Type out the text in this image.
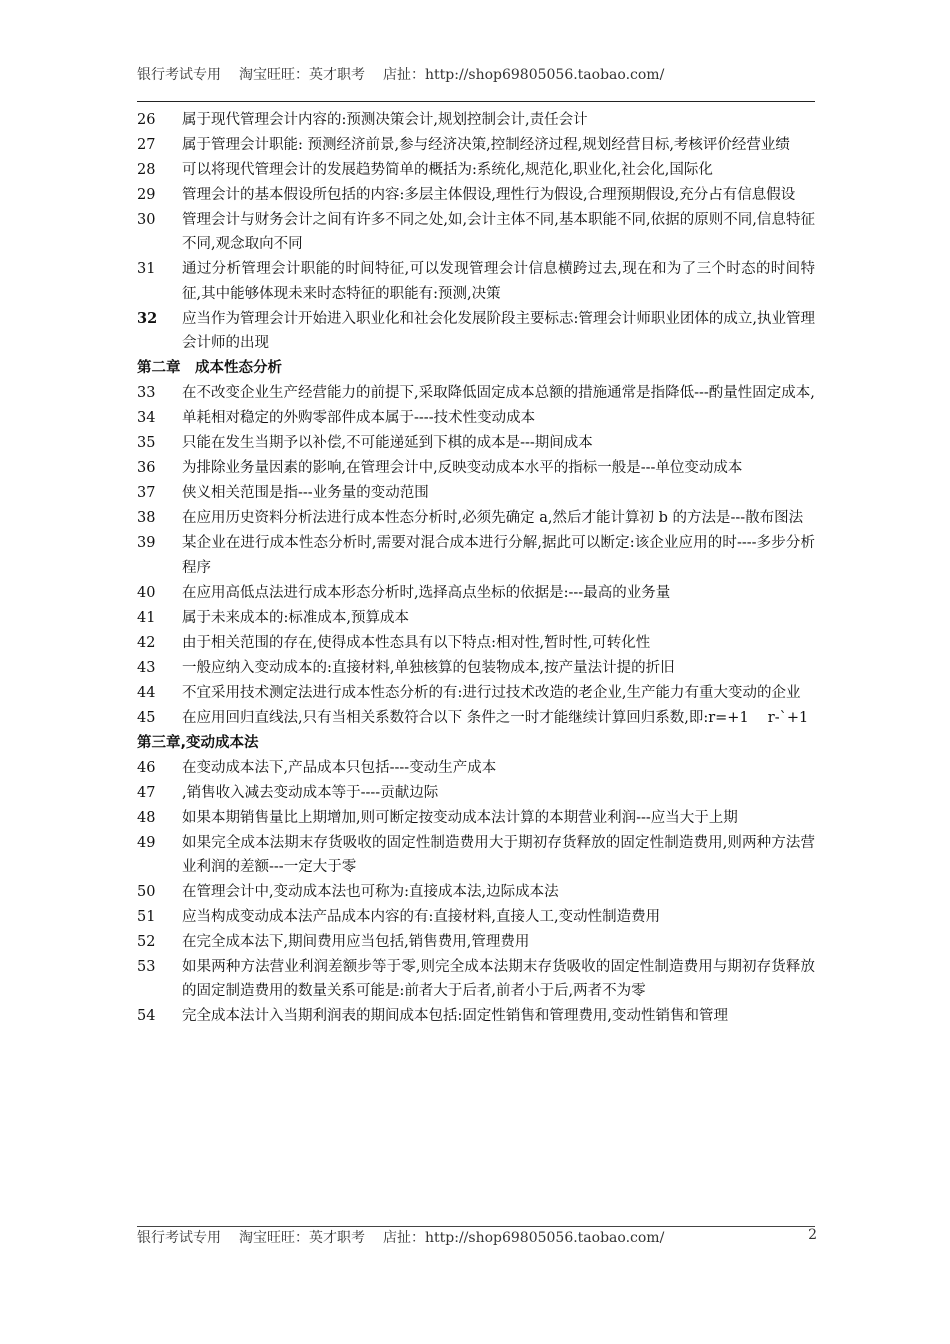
银行考试专用 淘宝旺旺：英才职考 店扯：http://shop69805056.taobao.com/
26	属于现代管理会计内容的:预测决策会计,规划控制会计,责任会计
27	属于管理会计职能: 预测经济前景,参与经济决策,控制经济过程,规划经营目标,考核评价经营业绩
28	可以将现代管理会计的发展趋势简单的概括为:系统化,规范化,职业化,社会化,国际化
29	管理会计的基本假设所包括的内容:多层主体假设,理性行为假设,合理预期假设,充分占有信息假设
30	管理会计与财务会计之间有许多不同之处,如,会计主体不同,基本职能不同,依据的原则不同,信息特征不同,观念取向不同
31	通过分析管理会计职能的时间特征,可以发现管理会计信息横跨过去,现在和为了三个时态的时间特征,其中能够体现未来时态特征的职能有:预测,决策
32	应当作为管理会计开始进入职业化和社会化发展阶段主要标志:管理会计师职业团体的成立,执业管理会计师的出现
第二章　成本性态分析
33	在不改变企业生产经营能力的前提下,采取降低固定成本总额的措施通常是指降低---酌量性固定成本,
34	单耗相对稳定的外购零部件成本属于----技术性变动成本
35	只能在发生当期予以补偿,不可能递延到下棋的成本是---期间成本
36	为排除业务量因素的影响,在管理会计中,反映变动成本水平的指标一般是---单位变动成本
37	侠义相关范围是指---业务量的变动范围
38	在应用历史资料分析法进行成本性态分析时,必须先确定 a,然后才能计算初 b 的方法是---散布图法
39	某企业在进行成本性态分析时,需要对混合成本进行分解,据此可以断定:该企业应用的时----多步分析程序
40	在应用高低点法进行成本形态分析时,选择高点坐标的依据是:---最高的业务量
41	属于未来成本的:标准成本,预算成本
42	由于相关范围的存在,使得成本性态具有以下特点:相对性,暂时性,可转化性
43	一般应纳入变动成本的:直接材料,单独核算的包装物成本,按产量法计提的折旧
44	不宜采用技术测定法进行成本性态分析的有:进行过技术改造的老企业,生产能力有重大变动的企业
45	在应用回归直线法,只有当相关系数符合以下 条件之一时才能继续计算回归系数,即:r=+1　 r-`+1
第三章,变动成本法
46	在变动成本法下,产品成本只包括----变动生产成本
47	,销售收入减去变动成本等于----贡献边际
48	如果本期销售量比上期增加,则可断定按变动成本法计算的本期营业利润---应当大于上期
49	如果完全成本法期末存货吸收的固定性制造费用大于期初存货释放的固定性制造费用,则两种方法营业利润的差额---一定大于零
50	在管理会计中,变动成本法也可称为:直接成本法,边际成本法
51	应当构成变动成本法产品成本内容的有:直接材料,直接人工,变动性制造费用
52	在完全成本法下,期间费用应当包括,销售费用,管理费用
53	如果两种方法营业利润差额步等于零,则完全成本法期末存货吸收的固定性制造费用与期初存货释放的固定制造费用的数量关系可能是:前者大于后者,前者小于后,两者不为零
54	完全成本法计入当期利润表的期间成本包括:固定性销售和管理费用,变动性销售和管理
银行考试专用 淘宝旺旺：英才职考 店扯：http://shop69805056.taobao.com/	2
